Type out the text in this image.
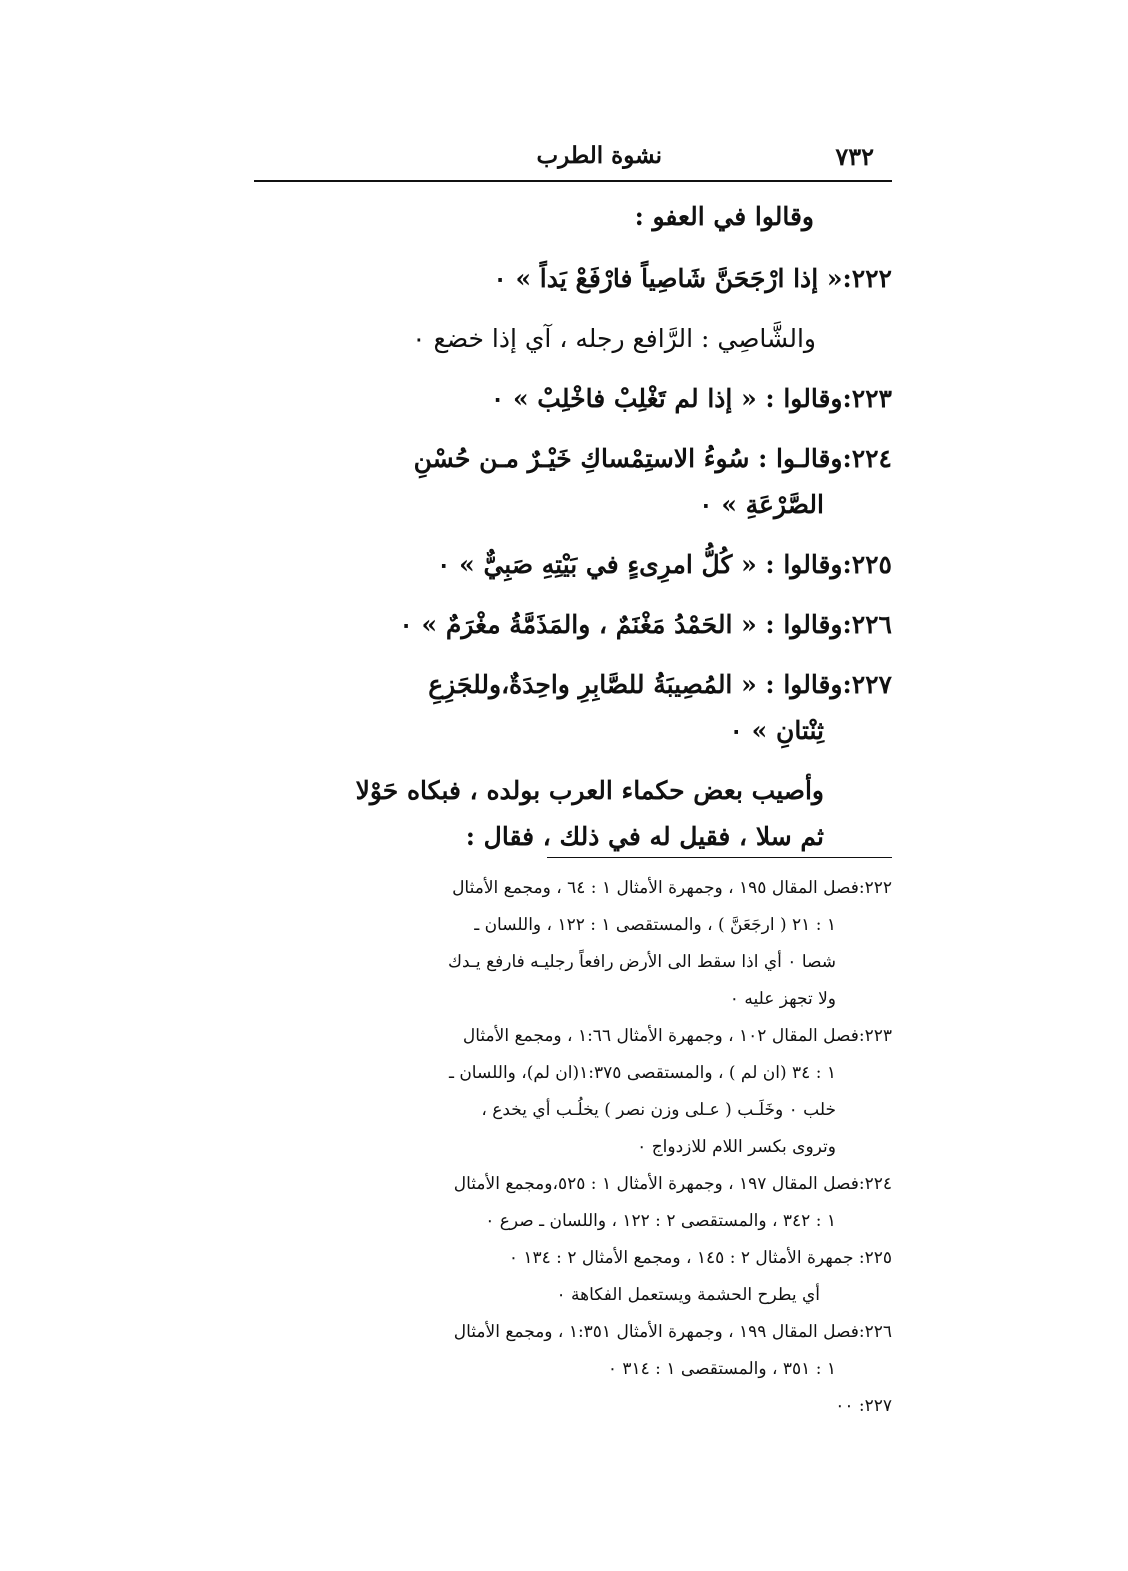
٧٣٢
نشوة الطرب
وقالوا في العفو :
٢٢٢:« إذا ارْجَحَنَّ شَاصِياً فارْفَعْ يَداً » ٠
والشَّاصِي : الرَّافع رجله ، آي إذا خضع ٠
٢٢٣:وقالوا : « إذا لم تَغْلِبْ فاخْلِبْ » ٠
٢٢٤:وقالـوا : سُوءُ الاستِمْساكِ خَيْـرٌ مـن حُسْنِ
الصَّرْعَةِ » ٠
٢٢٥:وقالوا : « كُلُّ امرِىءٍ في بَيْتِهِ صَبِيٌّ » ٠
٢٢٦:وقالوا : « الحَمْدُ مَغْنَمٌ ، والمَذَمَّةُ مغْرَمٌ » ٠
٢٢٧:وقالوا : « المُصِيبَةُ للصَّابِرِ واحِدَةٌ،وللجَزِعِ
ثِنْتانِ » ٠
وأصيب بعض حكماء العرب بولده ، فبكاه حَوْلا
ثم سلا ، فقيل له في ذلك ، فقال :
٢٢٢:فصل المقال ١٩٥ ، وجمهرة الأمثال ١ : ٦٤ ، ومجمع الأمثال
١ : ٢١ ( ارجَعَنَّ ) ، والمستقصى ١ : ١٢٢ ، واللسان ـ
شصا ٠ أي اذا سقط الى الأرض رافعاً رجليـه فارفع يـدك
ولا تجهز عليه ٠
٢٢٣:فصل المقال ١٠٢ ، وجمهرة الأمثال ١:٦٦ ، ومجمع الأمثال
١ : ٣٤ (ان لم ) ، والمستقصى ١:٣٧٥(ان لم)، واللسان ـ
خلب ٠ وخَلَـب ( عـلى وزن نصر ) يخلُـب أي يخدع ،
وتروى بكسر اللام للازدواج ٠
٢٢٤:فصل المقال ١٩٧ ، وجمهرة الأمثال ١ : ٥٢٥،ومجمع الأمثال
١ : ٣٤٢ ، والمستقصى ٢ : ١٢٢ ، واللسان ـ صرع ٠
٢٢٥: جمهرة الأمثال ٢ : ١٤٥ ، ومجمع الأمثال ٢ : ١٣٤ ٠
أي يطرح الحشمة ويستعمل الفكاهة ٠
٢٢٦:فصل المقال ١٩٩ ، وجمهرة الأمثال ١:٣٥١ ، ومجمع الأمثال
١ : ٣٥١ ، والمستقصى ١ : ٣١٤ ٠
٢٢٧: ٠٠
